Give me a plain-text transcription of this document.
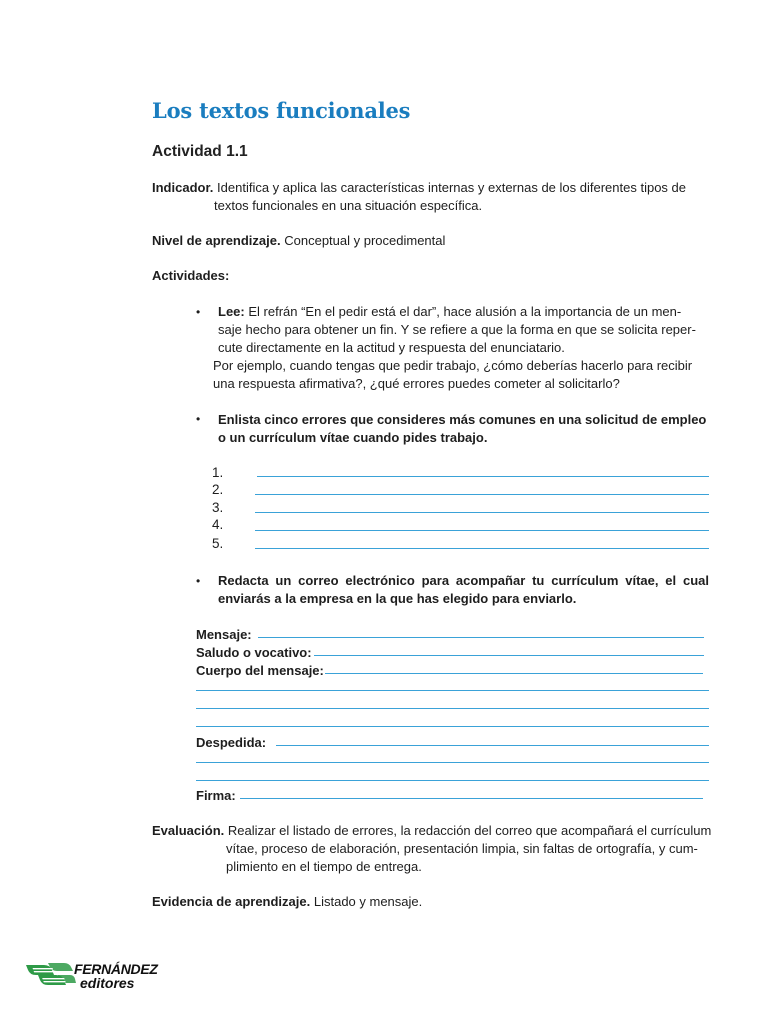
Los textos funcionales
Actividad 1.1
Indicador. Identifica y aplica las características internas y externas de los diferentes tipos de
textos funcionales en una situación específica.
Nivel de aprendizaje. Conceptual y procedimental
Actividades:
• Lee: El refrán “En el pedir está el dar”, hace alusión a la importancia de un men-
saje hecho para obtener un fin. Y se refiere a que la forma en que se solicita reper-
cute directamente en la actitud y respuesta del enunciatario.
Por ejemplo, cuando tengas que pedir trabajo, ¿cómo deberías hacerlo para recibir
una respuesta afirmativa?, ¿qué errores puedes cometer al solicitarlo?
• Enlista cinco errores que consideres más comunes en una solicitud de empleo
o un currículum vítae cuando pides trabajo.
1.
2.
3.
4.
5.
• Redacta un correo electrónico para acompañar tu currículum vítae, el cual
enviarás a la empresa en la que has elegido para enviarlo.
Mensaje:
Saludo o vocativo:
Cuerpo del mensaje:
Despedida:
Firma:
Evaluación. Realizar el listado de errores, la redacción del correo que acompañará el currículum
vítae, proceso de elaboración, presentación limpia, sin faltas de ortografía, y cum-
plimiento en el tiempo de entrega.
Evidencia de aprendizaje. Listado y mensaje.
FERNÁNDEZ
editores
